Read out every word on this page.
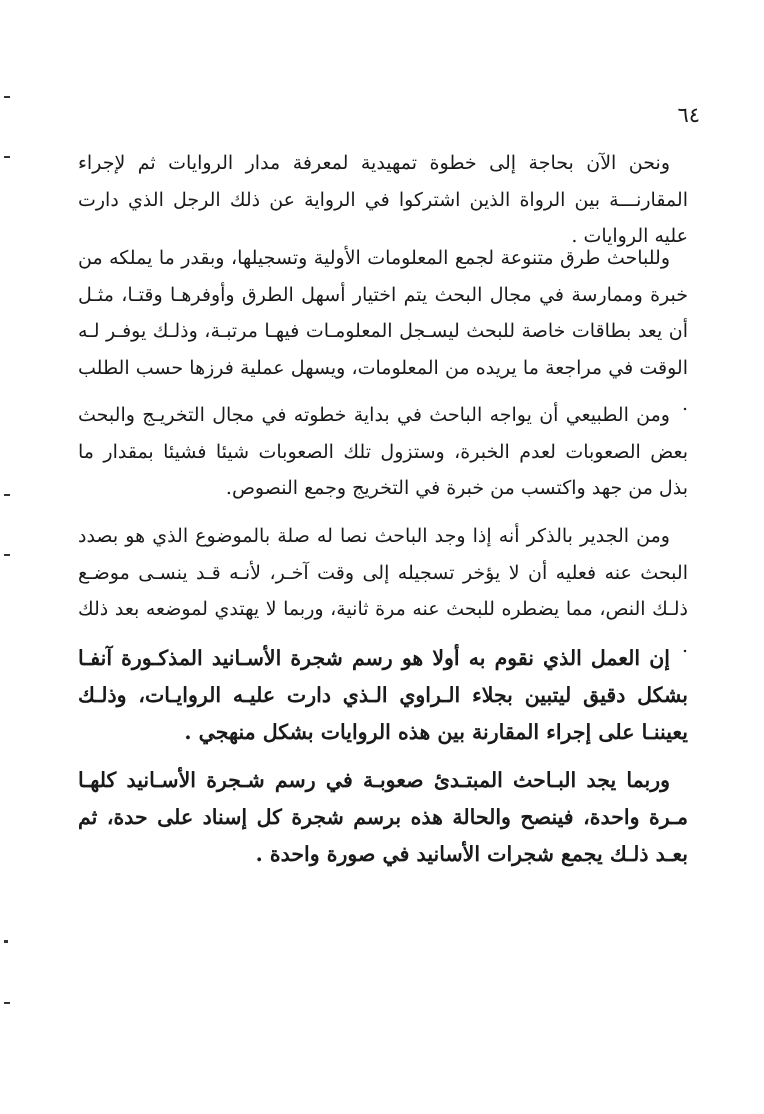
٦٤

ونحن الآن بحاجة إلى خطوة تمهيدية لمعرفة مدار الروايات ثم لإجراء المقارنـــة بين الرواة الذين اشتركوا في الرواية عن ذلك الرجل الذي دارت عليه الروايات .

وللباحث طرق متنوعة لجمع المعلومات الأولية وتسجيلها، وبقدر ما يملكه من خبرة وممارسة في مجال البحث يتم اختيار أسهل الطرق وأوفرهـا وقتـا، مثـل أن يعد بطاقات خاصة للبحث ليسـجل المعلومـات فيهـا مرتبـة، وذلـك يوفـر لـه الوقت في مراجعة ما يريده من المعلومات، ويسهل عملية فرزها حسب الطلب .

ومن الطبيعي أن يواجه الباحث في بداية خطوته في مجال التخريـج والبحث بعض الصعوبات لعدم الخبرة، وستزول تلك الصعوبات شيئا فشيئا بمقدار ما بذل من جهد واكتسب من خبرة في التخريج وجمع النصوص.

ومن الجدير بالذكر أنه إذا وجد الباحث نصا له صلة بالموضوع الذي هو بصدد البحث عنه فعليه أن لا يؤخر تسجيله إلى وقت آخـر، لأنـه قـد ينسـى موضـع ذلـك النص، مما يضطره للبحث عنه مرة ثانية، وربما لا يهتدي لموضعه بعد ذلك .

إن العمل الذي نقوم به أولا هو رسم شجرة الأسـانيد المذكـورة آنفـا بشكل دقيق ليتبين بجلاء الـراوي الـذي دارت عليـه الروايـات، وذلـك يعيننـا على إجراء المقارنة بين هذه الروايات بشكل منهجي .

وربما يجد البـاحث المبتـدئ صعوبـة في رسم شـجرة الأسـانيد كلهـا مـرة واحدة، فينصح والحالة هذه برسم شجرة كل إسناد على حدة، ثم بعـد ذلـك يجمع شجرات الأسانيد في صورة واحدة .
